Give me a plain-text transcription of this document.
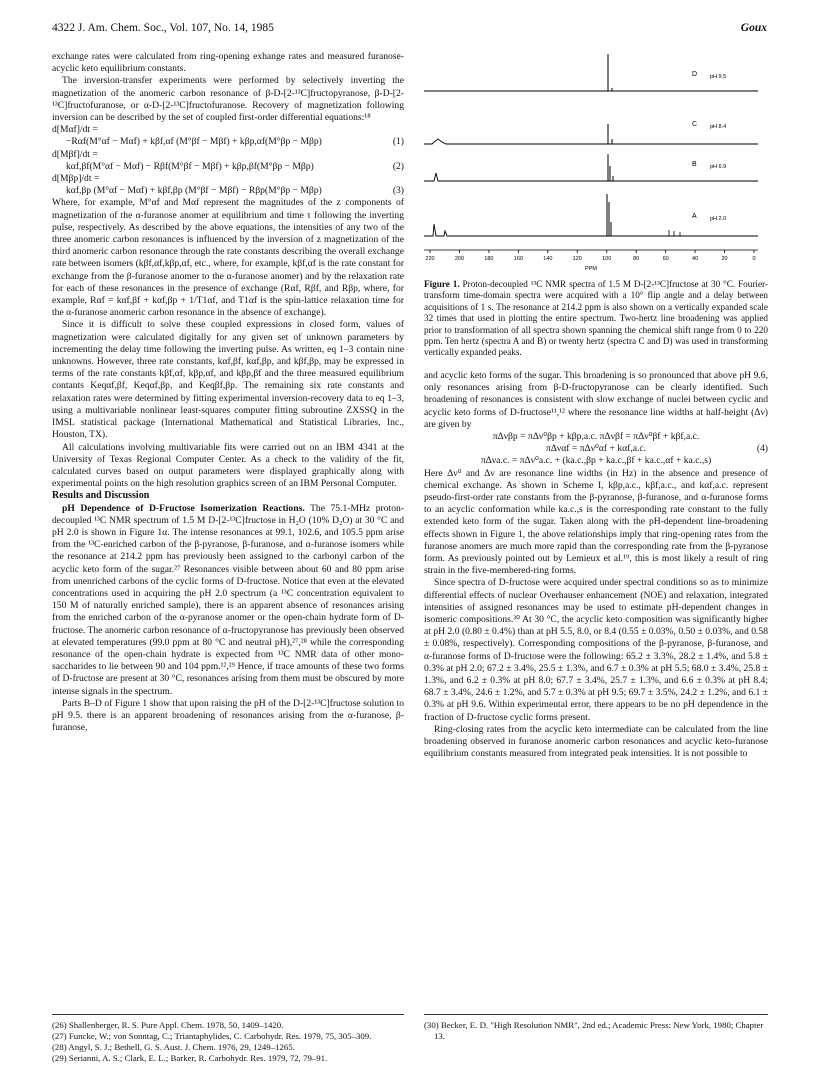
4322 J. Am. Chem. Soc., Vol. 107, No. 14, 1985	Goux

exchange rates were calculated from ring-opening exhange rates and measured furanose-acyclic keto equilibrium constants.

The inversion-transfer experiments were performed by selectively inverting the magnetization of the anomeric carbon resonance of β-D-[2-¹³C]fructopyranose, β-D-[2-¹³C]fructofuranose, or α-D-[2-¹³C]fructofuranose. Recovery of magnetization following inversion can be described by the set of coupled first-order differential equations:¹⁸

d[Mαf]/dt =

(1)
−Rαf(M°αf − Mαf) + kβf,αf (M°βf − Mβf) + kβp,αf(M°βp − Mβp)

d[Mβf]/dt =

(2)
kαf,βf(M°αf − Mαf) − Rβf(M°βf − Mβf) + kβp,βf(M°βp − Mβp)

d[Mβp]/dt =

(3)
kαf,βp (M°αf − Mαf) + kβf,βp (M°βf − Mβf) − Rβp(M°βp − Mβp)

Where, for example, M°αf and Mαf represent the magnitudes of the z components of magnetization of the α-furanose anomer at equilibrium and time τ following the inverting pulse, respectively. As described by the above equations, the intensities of any two of the three anomeric carbon resonances is influenced by the inversion of z magnetization of the third anomeric carbon resonance through the rate constants describing the overall exchange rate between isomers (kβf,αf,kβp,αf, etc., where, for example, kβf,αf is the rate constant for exchange from the β-furanose anomer to the α-furanose anomer) and by the relaxation rate for each of these resonances in the presence of exchange (Rαf, Rβf, and Rβp, where, for example, Rαf = kαf,βf + kαf,βp + 1/T1αf, and T1αf is the spin-lattice relaxation time for the α-furanose anomeric carbon resonance in the absence of exchange).

Since it is difficult to solve these coupled expressions in closed form, values of magnetization were calculated digitally for any given set of unknown parameters by incrementing the delay time following the inverting pulse. As written, eq 1–3 contain nine unknowns. However, three rate constants, kαf,βf, kαf,βp, and kβf,βp, may be expressed in terms of the rate constants kβf,αf, kβp,αf, and kβp,βf and the three measured equilibrium contants Keqαf,βf, Keqαf,βp, and Keqβf,βp. The remaining six rate constants and relaxation rates were determined by fitting experimental inversion-recovery data to eq 1–3, using a multivariable nonlinear least-squares computer fitting subroutine ZXSSQ in the IMSL statistical package (International Mathematical and Statistical Libraries, Inc., Houston, TX).

All calculations involving multivariable fits were carried out on an IBM 4341 at the University of Texas Regional Computer Center. As a check to the validity of the fit, calculated curves based on output parameters were displayed graphically along with experimental points on the high resolution graphics screen of an IBM Personal Computer.

Results and Discussion

pH Dependence of D-Fructose Isomerization Reactions. The 75.1-MHz proton-decoupled ¹³C NMR spectrum of 1.5 M D-[2-¹³C]fructose in H₂O (10% D₂O) at 30 °C and pH 2.0 is shown in Figure 1α. The intense resonances at 99.1, 102.6, and 105.5 ppm arise from the ¹³C-enriched carbon of the β-pyranose, β-furanose, and α-furanose isomers while the resonance at 214.2 ppm has previously been assigned to the carbonyl carbon of the acyclic keto form of the sugar.²⁷ Resonances visible between about 60 and 80 ppm arise from unenriched carbons of the cyclic forms of D-fructose. Notice that even at the elevated concentrations used in acquiring the pH 2.0 spectrum (a ¹³C concentration equivalent to 150 M of naturally enriched sample), there is an apparent absence of resonances arising from the enriched carbon of the α-pyranose anomer or the open-chain hydrate form of D-fructose. The anomeric carbon resonance of α-fructopyranose has previously been observed at elevated temperatures (99.0 ppm at 80 °C and neutral pH),²⁷,²⁸ while the corresponding resonance of the open-chain hydrate is expected from ¹³C NMR data of other mono-saccharides to lie between 90 and 104 ppm.¹²,²⁹ Hence, if trace amounts of these two forms of D-fructose are present at 30 °C, resonances arising from them must be obscured by more intense signals in the spectrum.

Parts B–D of Figure 1 show that upon raising the pH of the D-[2-¹³C]fructose solution to pH 9.5. there is an apparent broadening of resonances arising from the α-furanose, β-furanose,

D pH 9.5
C pH 8.4
B pH 6.9
A pH 2.0
220	200	180	160	140	120	100	80	60	40	20	0
PPM
Figure 1. Proton-decoupled ¹³C NMR spectra of 1.5 M D-[2-¹³C]fructose at 30 °C. Fourier-transform time-domain spectra were acquired with a 10° flip angle and a delay between acquisitions of 1 s. The resonance at 214.2 ppm is also shown on a vertically expanded scale 32 times that used in plotting the entire spectrum. Two-hertz line broadening was applied prior to transformation of all spectra shown spanning the chemical shift range from 0 to 220 ppm. Ten hertz (spectra A and B) or twenty hertz (spectra C and D) was used in transforming vertically expanded peaks.

and acyclic keto forms of the sugar. This broadening is so pronounced that above pH 9.6, only resonances arising from β-D-fructopyranose can be clearly identified. Such broadening of resonances is consistent with slow exchange of nuclei between cyclic and acyclic keto forms of D-fructose¹¹,¹² where the resonance line widths at half-height (Δν) are given by

πΔνβp = πΔν⁰βp + kβp,a.c. πΔνβf = πΔν⁰βf + kβf,a.c.

πΔναf = πΔν⁰αf + kαf,a.c.	(4)

πΔνa.c. = πΔν⁰a.c. + (ka.c.,βp + ka.c.,βf + ka.c.,αf + ka.c.,s)

Here Δν⁰ and Δν are resonance line widths (in Hz) in the absence and presence of chemical exchange. As shown in Scheme I, kβp,a.c., kβf,a.c., and kαf,a.c. represent pseudo-first-order rate constants from the β-pyranose, β-furanose, and α-furanose forms to an acyclic conformation while ka.c.,s is the corresponding rate constant to the fully extended keto form of the sugar. Taken along with the pH-dependent line-broadening effects shown in Figure 1, the above relationships imply that ring-opening rates from the furanose anomers are much more rapid than the corresponding rate from the β-pyranose form. As previously pointed out by Lemieux et al.¹⁹, this is most likely a result of ring strain in the five-membered-ring forms.

Since spectra of D-fructose were acquired under spectral conditions so as to minimize differential effects of nuclear Overhauser enhancement (NOE) and relaxation, integrated intensities of assigned resonances may be used to estimate pH-dependent changes in isomeric compositions.³⁰ At 30 °C, the acyclic keto composition was significantly higher at pH 2.0 (0.80 ± 0.4%) than at pH 5.5, 8.0, or 8.4 (0.55 ± 0.03%, 0.50 ± 0.03%, and 0.58 ± 0.08%, respectively). Corresponding compositions of the β-pyranose, β-furanose, and α-furanose forms of D-fructose were the following: 65.2 ± 3.3%, 28.2 ± 1.4%, and 5.8 ± 0.3% at pH 2.0; 67.2 ± 3.4%, 25.5 ± 1.3%, and 6.7 ± 0.3% at pH 5.5; 68.0 ± 3.4%, 25.8 ± 1.3%, and 6.2 ± 0.3% at pH 8.0; 67.7 ± 3.4%, 25.7 ± 1.3%, and 6.6 ± 0.3% at pH 8.4; 68.7 ± 3.4%, 24.6 ± 1.2%, and 5.7 ± 0.3% at pH 9.5; 69.7 ± 3.5%, 24.2 ± 1.2%, and 6.1 ± 0.3% at pH 9.6. Within experimental error, there appears to be no pH dependence in the fraction of D-fructose cyclic forms present.

Ring-closing rates from the acyclic keto intermediate can be calculated from the line broadening observed in furanose anomeric carbon resonances and acyclic keto-furanose equilibrium constants measured from integrated peak intensities. It is not possible to

(26) Shallenberger, R. S. Pure Appl. Chem. 1978, 50, 1409–1420.

(27) Funcke, W.; von Sonntag, C.; Triantaphylides, C. Carbohydr. Res. 1979, 75, 305–309.

(28) Angyl, S. J.; Bethell, G. S. Aust. J. Chem. 1976, 29, 1249–1265.

(29) Serianni, A. S.; Clark, E. L.; Barker, R. Carbohydr. Res. 1979, 72, 79–91.

(30) Becker, E. D. "High Resolution NMR", 2nd ed.; Academic Press: New York, 1980; Chapter 13.
